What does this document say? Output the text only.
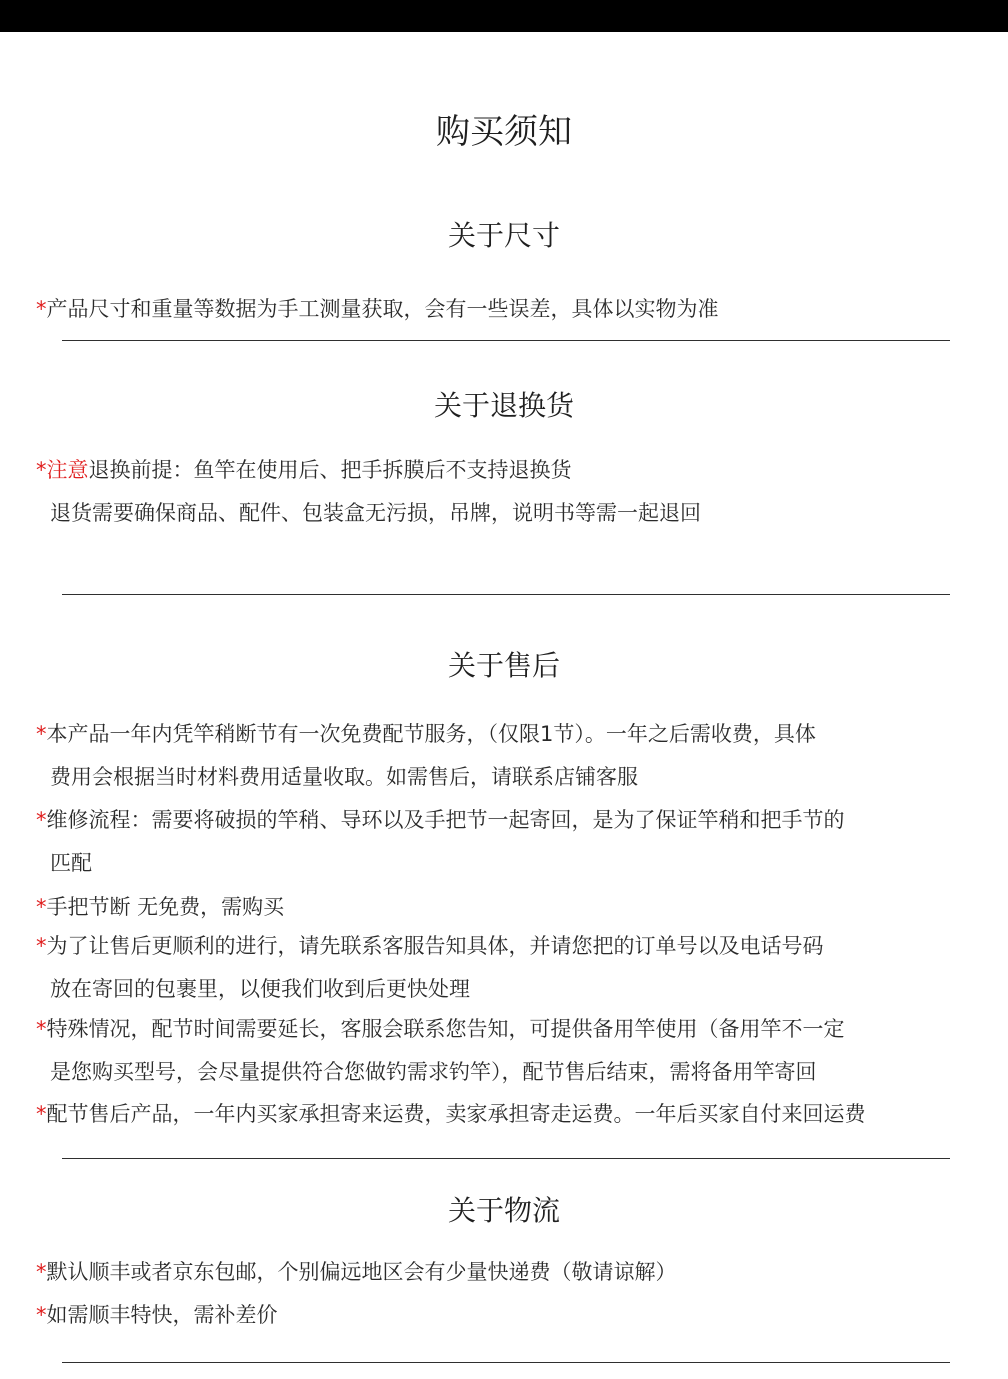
购买须知
关于尺寸

*产品尺寸和重量等数据为手工测量获取，会有一些误差，具体以实物为准

关于退换货

*注意退换前提：鱼竿在使用后、把手拆膜后不支持退换货

退货需要确保商品、配件、包装盒无污损，吊牌，说明书等需一起退回

关于售后

*本产品一年内凭竿稍断节有一次免费配节服务，（仅限1节）。一年之后需收费，具体

费用会根据当时材料费用适量收取。如需售后，请联系店铺客服

*维修流程：需要将破损的竿稍、导环以及手把节一起寄回，是为了保证竿稍和把手节的

匹配

*手把节断 无免费，需购买

*为了让售后更顺利的进行，请先联系客服告知具体，并请您把的订单号以及电话号码

放在寄回的包裹里，以便我们收到后更快处理

*特殊情况，配节时间需要延长，客服会联系您告知，可提供备用竿使用（备用竿不一定

是您购买型号，会尽量提供符合您做钓需求钓竿），配节售后结束，需将备用竿寄回

*配节售后产品，一年内买家承担寄来运费，卖家承担寄走运费。一年后买家自付来回运费

关于物流

*默认顺丰或者京东包邮，个别偏远地区会有少量快递费（敬请谅解）

*如需顺丰特快，需补差价
